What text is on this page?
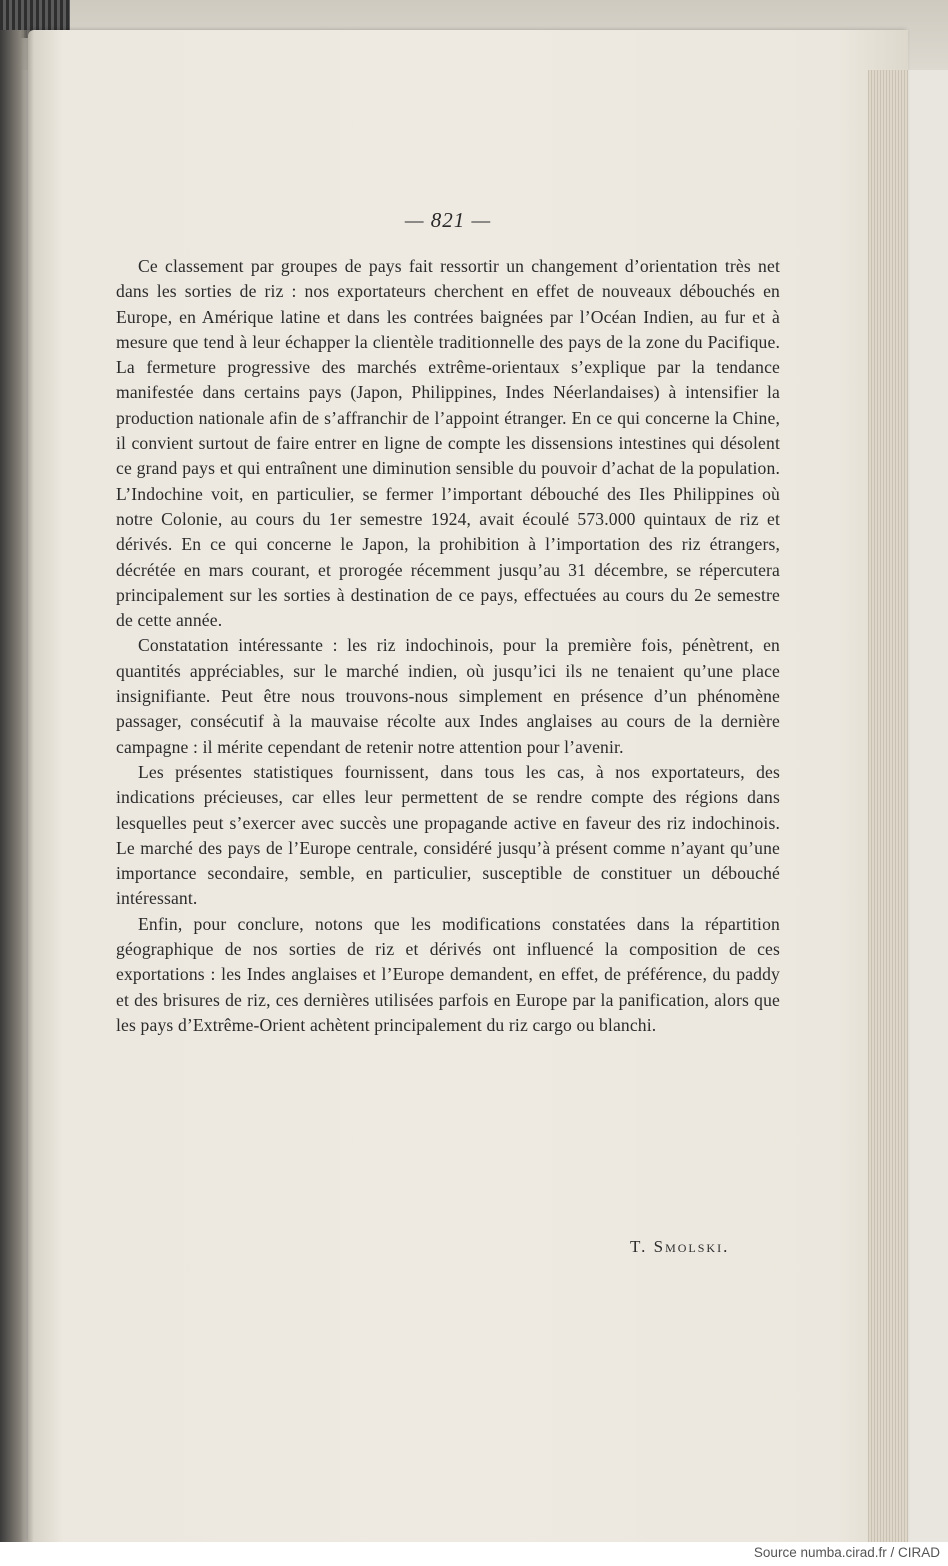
— 821 —

Ce classement par groupes de pays fait ressortir un changement d’orientation très net dans les sorties de riz : nos exportateurs cherchent en effet de nouveaux débouchés en Europe, en Amérique latine et dans les contrées baignées par l’Océan Indien, au fur et à mesure que tend à leur échapper la clientèle traditionnelle des pays de la zone du Pacifique. La fermeture progressive des marchés extrême-orientaux s’explique par la tendance manifestée dans certains pays (Japon, Philippines, Indes Néerlandaises) à intensifier la production nationale afin de s’affranchir de l’appoint étranger. En ce qui concerne la Chine, il convient surtout de faire entrer en ligne de compte les dissensions intestines qui désolent ce grand pays et qui entraînent une diminution sensible du pouvoir d’achat de la population. L’Indochine voit, en particulier, se fermer l’important débouché des Iles Philippines où notre Colonie, au cours du 1er semestre 1924, avait écoulé 573.000 quintaux de riz et dérivés. En ce qui concerne le Japon, la prohibition à l’importation des riz étrangers, décrétée en mars courant, et prorogée récemment jusqu’au 31 décembre, se répercutera principalement sur les sorties à destination de ce pays, effectuées au cours du 2e semestre de cette année.

Constatation intéressante : les riz indochinois, pour la première fois, pénètrent, en quantités appréciables, sur le marché indien, où jusqu’ici ils ne tenaient qu’une place insignifiante. Peut être nous trouvons-nous simplement en présence d’un phénomène passager, consécutif à la mauvaise récolte aux Indes anglaises au cours de la dernière campagne : il mérite cependant de retenir notre attention pour l’avenir.

Les présentes statistiques fournissent, dans tous les cas, à nos exportateurs, des indications précieuses, car elles leur permettent de se rendre compte des régions dans lesquelles peut s’exercer avec succès une propagande active en faveur des riz indochinois. Le marché des pays de l’Europe centrale, considéré jusqu’à présent comme n’ayant qu’une importance secondaire, semble, en particulier, susceptible de constituer un débouché intéressant.

Enfin, pour conclure, notons que les modifications constatées dans la répartition géographique de nos sorties de riz et dérivés ont influencé la composition de ces exportations : les Indes anglaises et l’Europe demandent, en effet, de préférence, du paddy et des brisures de riz, ces dernières utilisées parfois en Europe par la panification, alors que les pays d’Extrême-Orient achètent principalement du riz cargo ou blanchi.

T. Smolski.
Source numba.cirad.fr / CIRAD
